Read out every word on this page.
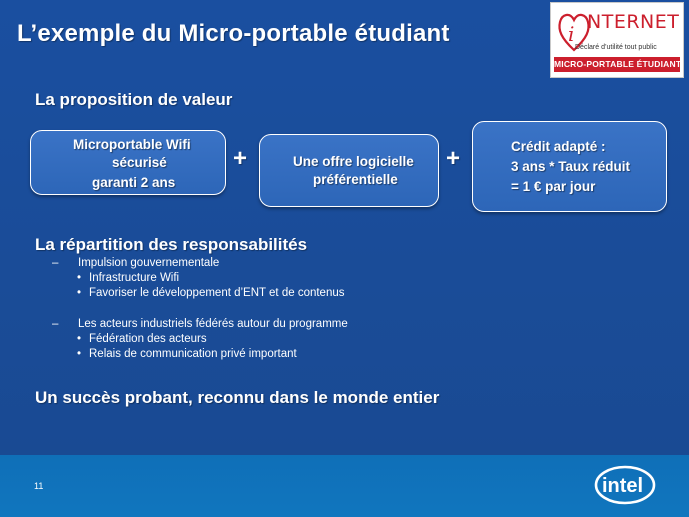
L’exemple du Micro-portable étudiant	i NTERNET
Déclaré d’utilité tout public
MICRO-PORTABLE ÉTUDIANT
La proposition de valeur
Microportable Wifi
sécurisé
garanti 2 ans
+	Une offre logicielle
préférentielle
+	Crédit adapté :
3 ans * Taux réduit
= 1 € par jour
La répartition des responsabilités
– Impulsion gouvernementale
• Infrastructure Wifi
• Favoriser le développement d’ENT et de contenus
– Les acteurs industriels fédérés autour du programme
• Fédération des acteurs
• Relais de communication privé important
Un succès probant, reconnu dans le monde entier
11	intel
